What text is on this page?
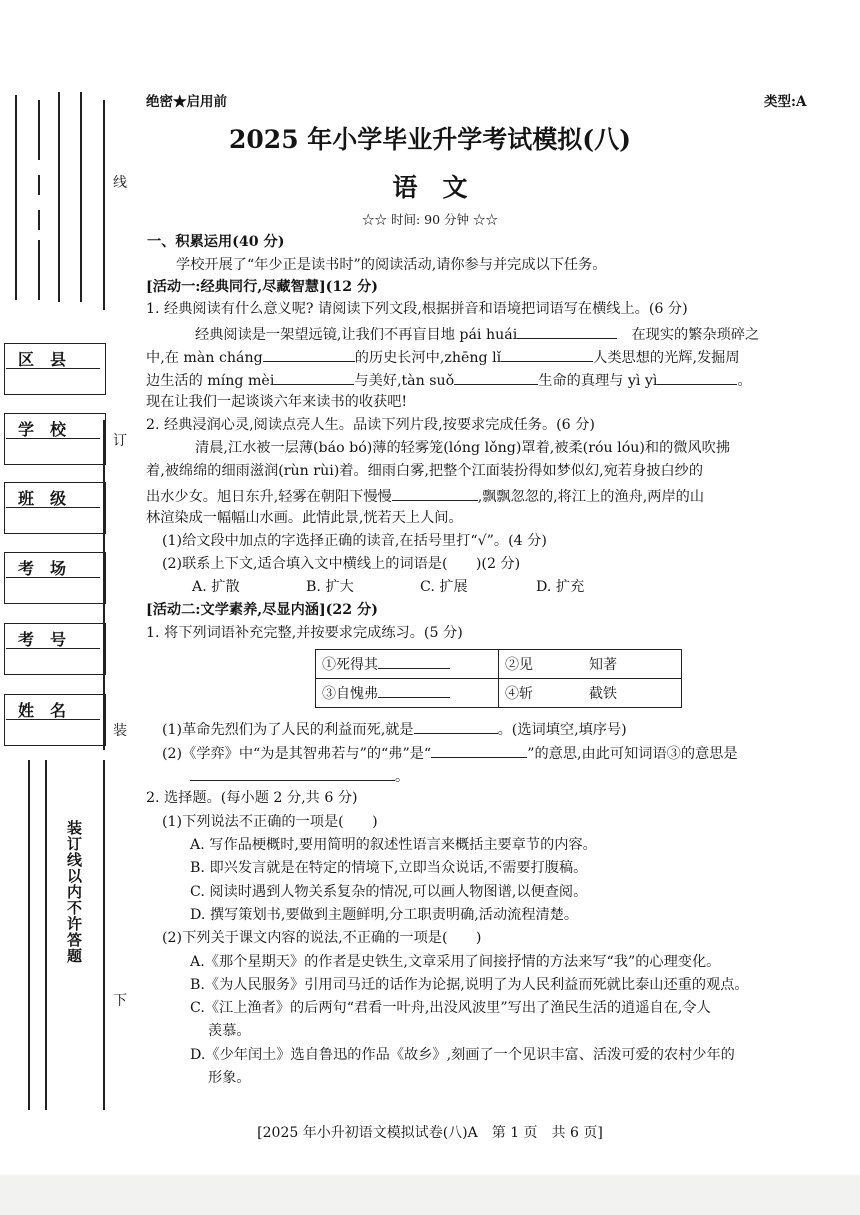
区　县
学　校
班　级
考　场
考　号
姓　名
线
订
装
下
装订线以内不许答题
绝密★启用前	类型:A
2025 年小学毕业升学考试模拟(八)
语　文
☆☆ 时间: 90 分钟 ☆☆
一、积累运用(40 分)
学校开展了“年少正是读书时”的阅读活动,请你参与并完成以下任务。
[活动一:经典同行,尽藏智慧](12 分)
1. 经典阅读有什么意义呢? 请阅读下列文段,根据拼音和语境把词语写在横线上。(6 分)
经典阅读是一架望远镜,让我们不再盲目地 pái huái　	在现实的繁杂琐碎之
中,在 màn cháng	的历史长河中,zhēng lǐ	人类思想的光辉,发掘周
边生活的 míng mèi	与美好,tàn suǒ	生命的真理与 yì yì	。
现在让我们一起谈谈六年来读书的收获吧!
2. 经典浸润心灵,阅读点亮人生。品读下列片段,按要求完成任务。(6 分)
清晨,江水被一层薄(báo bó)薄的轻雾笼(lóng lǒng)罩着,被柔(róu lóu)和的微风吹拂
着,被绵绵的细雨滋润(rùn rùi)着。细雨白雾,把整个江面装扮得如梦似幻,宛若身披白纱的
出水少女。旭日东升,轻雾在朝阳下慢慢	,飘飘忽忽的,将江上的渔舟,两岸的山
林渲染成一幅幅山水画。此情此景,恍若天上人间。
(1)给文段中加点的字选择正确的读音,在括号里打“√”。(4 分)
(2)联系上下文,适合填入文中横线上的词语是(　　)(2 分)
A. 扩散	B. 扩大	C. 扩展	D. 扩充
[活动二:文学素养,尽显内涵](22 分)
1. 将下列词语补充完整,并按要求完成练习。(5 分)
①死得其	②见　　　　知著
③自愧弗	④斩　　　　截铁
(1)革命先烈们为了人民的利益而死,就是	。(选词填空,填序号)
(2)《学弈》中“为是其智弗若与”的“弗”是“	”的意思,由此可知词语③的意思是
。
2. 选择题。(每小题 2 分,共 6 分)
(1)下列说法不正确的一项是(　　)
A. 写作品梗概时,要用简明的叙述性语言来概括主要章节的内容。
B. 即兴发言就是在特定的情境下,立即当众说话,不需要打腹稿。
C. 阅读时遇到人物关系复杂的情况,可以画人物图谱,以便查阅。
D. 撰写策划书,要做到主题鲜明,分工职责明确,活动流程清楚。
(2)下列关于课文内容的说法,不正确的一项是(　　)
A.《那个星期天》的作者是史铁生,文章采用了间接抒情的方法来写“我”的心理变化。
B.《为人民服务》引用司马迁的话作为论据,说明了为人民利益而死就比泰山还重的观点。
C.《江上渔者》的后两句“君看一叶舟,出没风波里”写出了渔民生活的逍遥自在,令人
羡慕。
D.《少年闰土》选自鲁迅的作品《故乡》,刻画了一个见识丰富、活泼可爱的农村少年的
形象。
[2025 年小升初语文模拟试卷(八)A　第 1 页　共 6 页]
